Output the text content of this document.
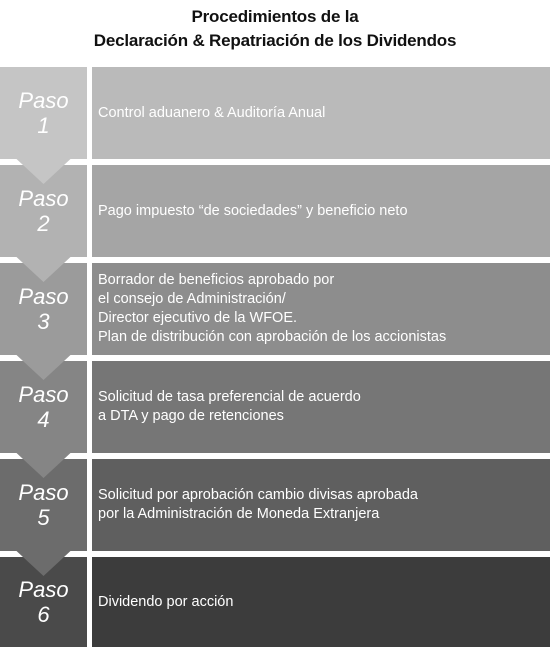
Procedimientos de la
Declaración & Repatriación de los Dividendos
Paso
1
Control aduanero & Auditoría Anual
Paso
2
Pago impuesto “de sociedades” y beneficio neto
Paso
3
Borrador de beneficios aprobado por
el consejo de Administración/
Director ejecutivo de la WFOE.
Plan de distribución con aprobación de los accionistas
Paso
4
Solicitud de tasa preferencial de acuerdo
a DTA y pago de retenciones
Paso
5
Solicitud por aprobación cambio divisas aprobada
por la Administración de Moneda Extranjera
Paso
6
Dividendo por acción
